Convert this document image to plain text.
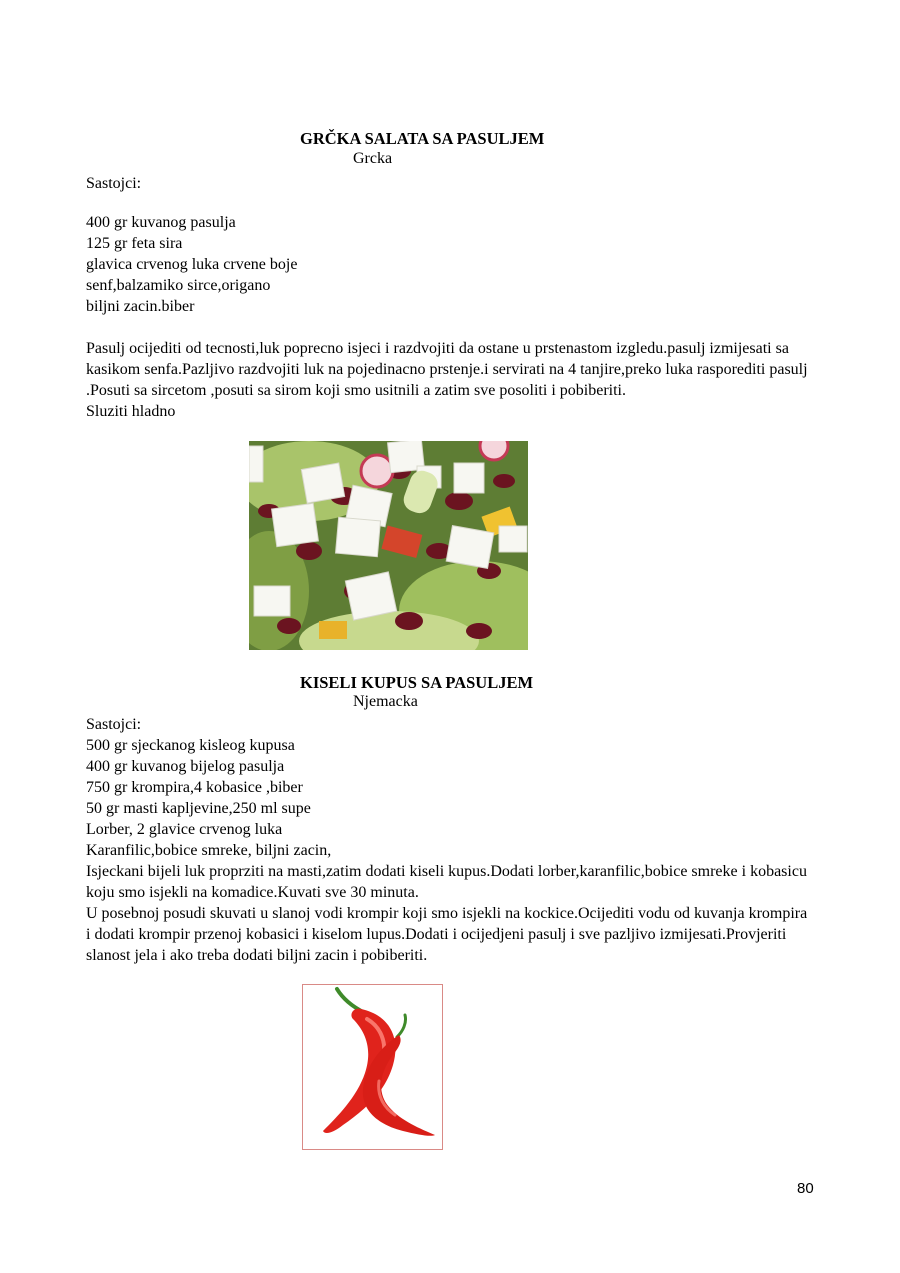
GRČKA SALATA SA PASULJEM
Grcka
Sastojci:
400 gr kuvanog pasulja
125 gr feta sira
glavica crvenog luka crvene boje
senf,balzamiko sirce,origano
biljni zacin.biber

Pasulj ocijediti od tecnosti,luk poprecno isjeci i razdvojiti da ostane u prstenastom izgledu.pasulj izmijesati sa kasikom senfa.Pazljivo razdvojiti luk na pojedinacno prstenje.i servirati na 4 tanjire,preko luka rasporediti pasulj .Posuti sa sircetom ,posuti sa sirom koji smo usitnili a zatim sve posoliti i pobiberiti.

Sluziti hladno

KISELI KUPUS SA PASULJEM
Njemacka
Sastojci:
500 gr sjeckanog kisleog kupusa
400 gr kuvanog bijelog pasulja
750 gr krompira,4 kobasice ,biber
50 gr masti kapljevine,250 ml supe
Lorber, 2 glavice crvenog luka
Karanfilic,bobice smreke, biljni zacin,

Isjeckani bijeli luk proprziti na masti,zatim dodati kiseli kupus.Dodati lorber,karanfilic,bobice smreke i kobasicu koju smo isjekli na komadice.Kuvati sve 30 minuta.

U posebnoj posudi skuvati u slanoj vodi krompir koji smo isjekli na kockice.Ocijediti vodu od kuvanja krompira i dodati krompir przenoj kobasici i kiselom lupus.Dodati i ocijedjeni pasulj i sve pazljivo izmijesati.Provjeriti slanost jela i ako treba dodati biljni zacin i pobiberiti.

80
